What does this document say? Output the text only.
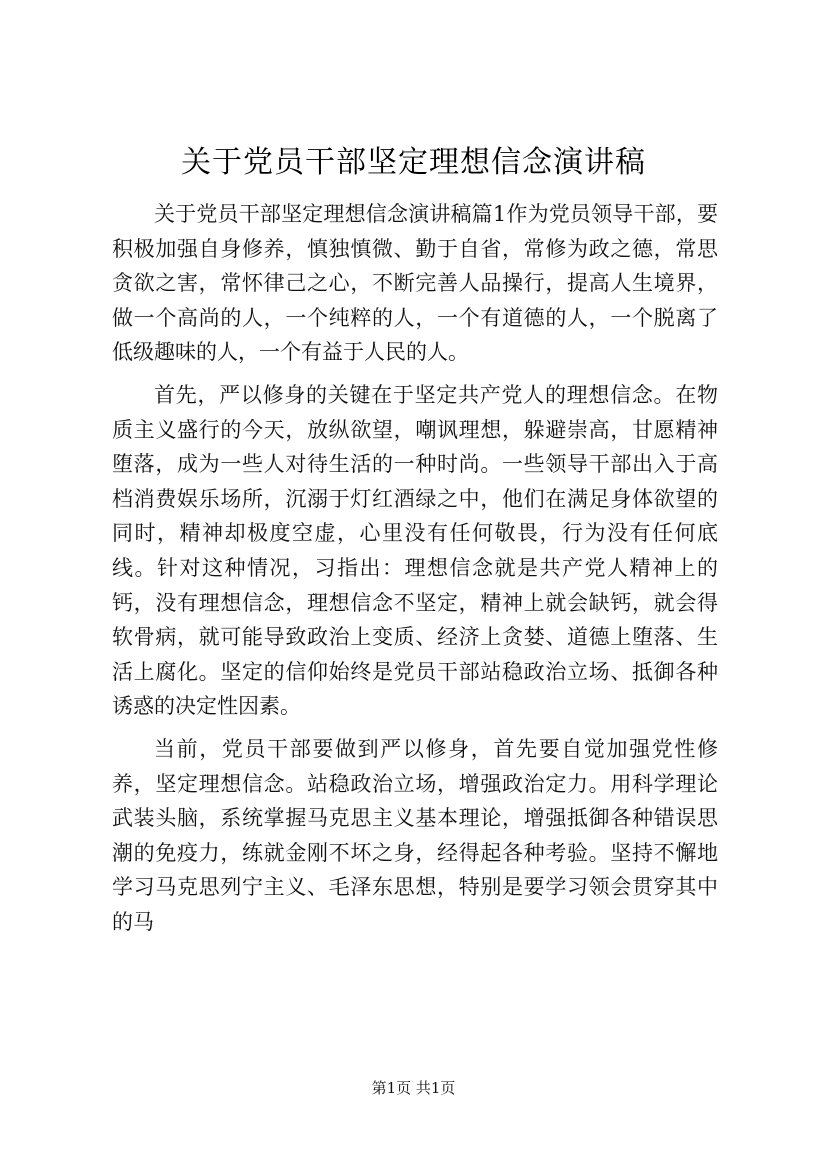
关于党员干部坚定理想信念演讲稿

关于党员干部坚定理想信念演讲稿篇1作为党员领导干部，要积极加强自身修养，慎独慎微、勤于自省，常修为政之德，常思贪欲之害，常怀律己之心，不断完善人品操行，提高人生境界，做一个高尚的人，一个纯粹的人，一个有道德的人，一个脱离了低级趣味的人，一个有益于人民的人。

首先，严以修身的关键在于坚定共产党人的理想信念。在物质主义盛行的今天，放纵欲望，嘲讽理想，躲避崇高，甘愿精神堕落，成为一些人对待生活的一种时尚。一些领导干部出入于高档消费娱乐场所，沉溺于灯红酒绿之中，他们在满足身体欲望的同时，精神却极度空虚，心里没有任何敬畏，行为没有任何底线。针对这种情况，习指出：理想信念就是共产党人精神上的钙，没有理想信念，理想信念不坚定，精神上就会缺钙，就会得软骨病，就可能导致政治上变质、经济上贪婪、道德上堕落、生活上腐化。坚定的信仰始终是党员干部站稳政治立场、抵御各种诱惑的决定性因素。

当前，党员干部要做到严以修身，首先要自觉加强党性修养，坚定理想信念。站稳政治立场，增强政治定力。用科学理论武装头脑，系统掌握马克思主义基本理论，增强抵御各种错误思潮的免疫力，练就金刚不坏之身，经得起各种考验。坚持不懈地学习马克思列宁主义、毛泽东思想，特别是要学习领会贯穿其中的马

第1页 共1页
